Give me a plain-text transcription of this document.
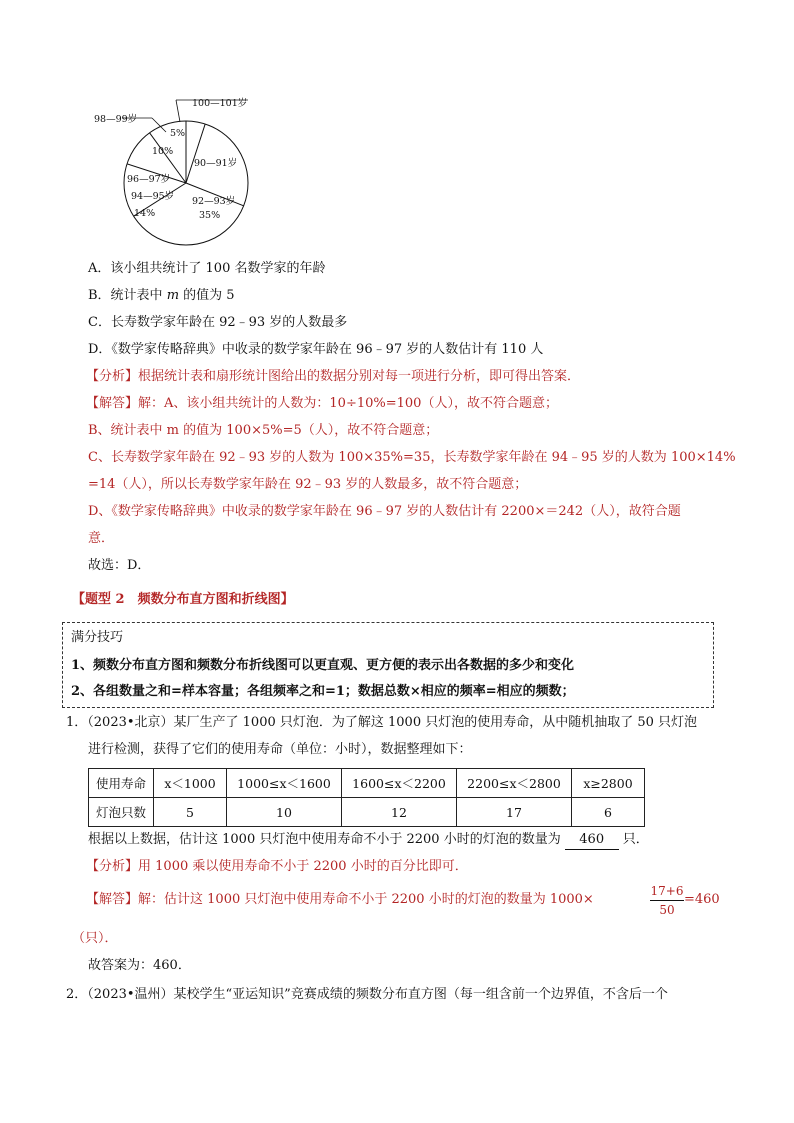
100—101岁
5%
98—99岁
10%
90—91岁
96—97岁
94—95岁
14%
92—93岁
35%
A．该小组共统计了 100 名数学家的年龄
B．统计表中 m 的值为 5
C．长寿数学家年龄在 92﹣93 岁的人数最多
D．《数学家传略辞典》中收录的数学家年龄在 96﹣97 岁的人数估计有 110 人
【分析】根据统计表和扇形统计图给出的数据分别对每一项进行分析，即可得出答案．
【解答】解：A、该小组共统计的人数为：10÷10%=100（人），故不符合题意；
B、统计表中 m 的值为 100×5%=5（人），故不符合题意；
C、长寿数学家年龄在 92﹣93 岁的人数为 100×35%=35，长寿数学家年龄在 94﹣95 岁的人数为 100×14%
=14（人），所以长寿数学家年龄在 92﹣93 岁的人数最多，故不符合题意；
D、《数学家传略辞典》中收录的数学家年龄在 96﹣97 岁的人数估计有 2200×＝242（人），故符合题
意．
故选：D．
【题型 2　频数分布直方图和折线图】
满分技巧
1、频数分布直方图和频数分布折线图可以更直观、更方便的表示出各数据的多少和变化
2、各组数量之和=样本容量；各组频率之和=1；数据总数×相应的频率=相应的频数；
1．（2023•北京）某厂生产了 1000 只灯泡．为了解这 1000 只灯泡的使用寿命，从中随机抽取了 50 只灯泡
进行检测，获得了它们的使用寿命（单位：小时），数据整理如下：
使用寿命	x＜1000	1000≤x＜1600	1600≤x＜2200	2200≤x＜2800	x≥2800
灯泡只数	5	10	12	17	6
根据以上数据，估计这 1000 只灯泡中使用寿命不小于 2200 小时的灯泡的数量为 460 只．
【分析】用 1000 乘以使用寿命不小于 2200 小时的百分比即可．
【解答】解：估计这 1000 只灯泡中使用寿命不小于 2200 小时的灯泡的数量为 1000×
17+6
50
=460
（只）．
故答案为：460．
2．（2023•温州）某校学生“亚运知识”竞赛成绩的频数分布直方图（每一组含前一个边界值，不含后一个
